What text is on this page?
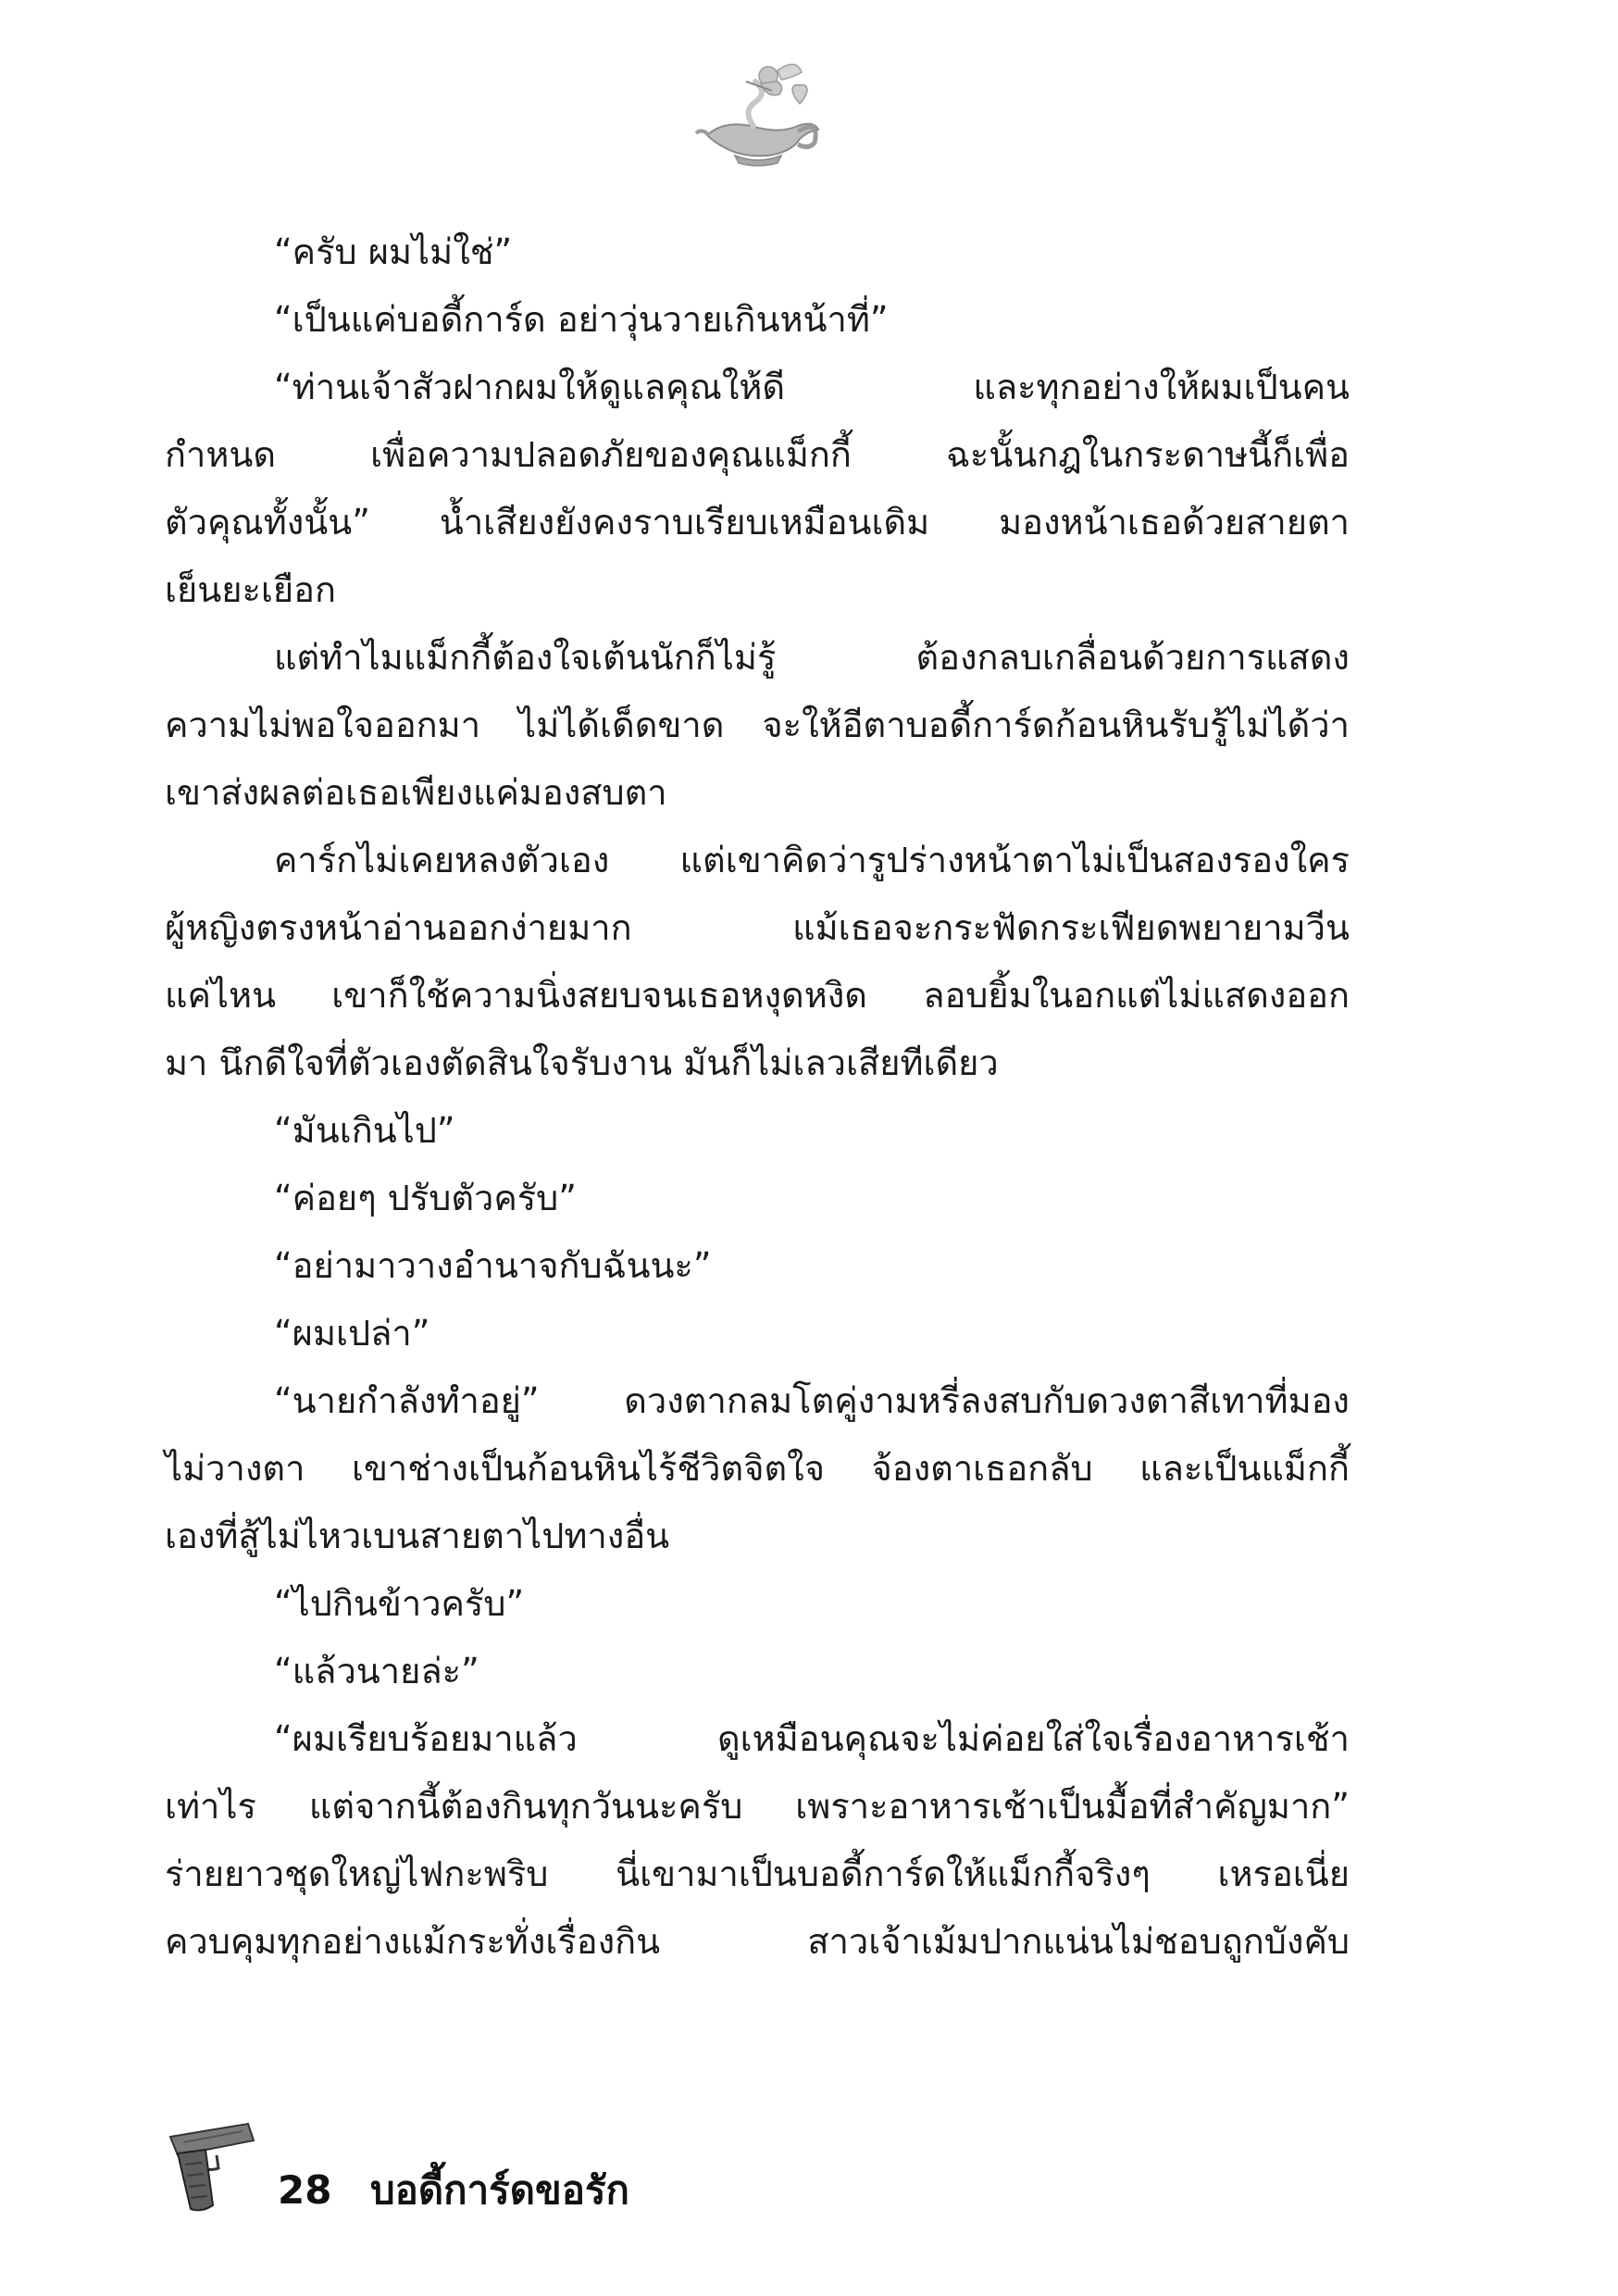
“ครับ ผมไม่ใช่”
“เป็นแค่บอดี้การ์ด อย่าวุ่นวายเกินหน้าที่”
“ท่านเจ้าสัวฝากผมให้ดูแลคุณให้ดี และทุกอย่างให้ผมเป็นคน
กำหนด เพื่อความปลอดภัยของคุณแม็กกี้ ฉะนั้นกฎในกระดาษนี้ก็เพื่อ
ตัวคุณทั้งนั้น” น้ำเสียงยังคงราบเรียบเหมือนเดิม มองหน้าเธอด้วยสายตา
เย็นยะเยือก
แต่ทำไมแม็กกี้ต้องใจเต้นนักก็ไม่รู้ ต้องกลบเกลื่อนด้วยการแสดง
ความไม่พอใจออกมา ไม่ได้เด็ดขาด จะให้อีตาบอดี้การ์ดก้อนหินรับรู้ไม่ได้ว่า
เขาส่งผลต่อเธอเพียงแค่มองสบตา
คาร์กไม่เคยหลงตัวเอง แต่เขาคิดว่ารูปร่างหน้าตาไม่เป็นสองรองใคร
ผู้หญิงตรงหน้าอ่านออกง่ายมาก แม้เธอจะกระฟัดกระเฟียดพยายามวีน
แค่ไหน เขาก็ใช้ความนิ่งสยบจนเธอหงุดหงิด ลอบยิ้มในอกแต่ไม่แสดงออก
มา นึกดีใจที่ตัวเองตัดสินใจรับงาน มันก็ไม่เลวเสียทีเดียว
“มันเกินไป”
“ค่อยๆ ปรับตัวครับ”
“อย่ามาวางอำนาจกับฉันนะ”
“ผมเปล่า”
“นายกำลังทำอยู่” ดวงตากลมโตคู่งามหรี่ลงสบกับดวงตาสีเทาที่มอง
ไม่วางตา เขาช่างเป็นก้อนหินไร้ชีวิตจิตใจ จ้องตาเธอกลับ และเป็นแม็กกี้
เองที่สู้ไม่ไหวเบนสายตาไปทางอื่น
“ไปกินข้าวครับ”
“แล้วนายล่ะ”
“ผมเรียบร้อยมาแล้ว ดูเหมือนคุณจะไม่ค่อยใส่ใจเรื่องอาหารเช้า
เท่าไร แต่จากนี้ต้องกินทุกวันนะครับ เพราะอาหารเช้าเป็นมื้อที่สำคัญมาก”
ร่ายยาวชุดใหญ่ไฟกะพริบ นี่เขามาเป็นบอดี้การ์ดให้แม็กกี้จริงๆ เหรอเนี่ย
ควบคุมทุกอย่างแม้กระทั่งเรื่องกิน สาวเจ้าเม้มปากแน่นไม่ชอบถูกบังคับ
28 บอดี้การ์ดขอรัก
